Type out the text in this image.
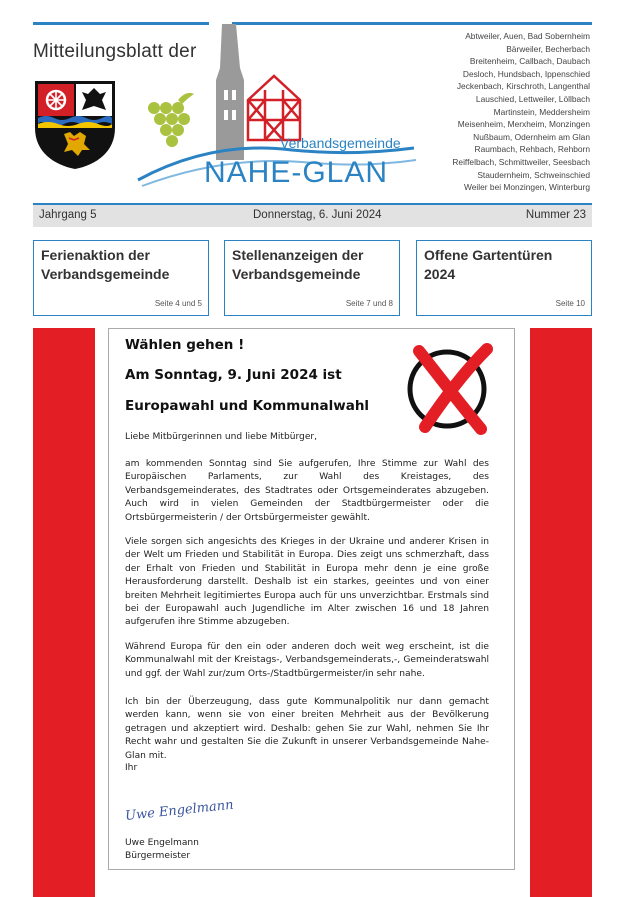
Mitteilungsblatt der
Verbandsgemeinde
NAHE-GLAN
Abtweiler, Auen, Bad Sobernheim
Bärweiler, Becherbach
Breitenheim, Callbach, Daubach
Desloch, Hundsbach, Ippenschied
Jeckenbach, Kirschroth, Langenthal
Lauschied, Lettweiler, Löllbach
Martinstein, Meddersheim
Meisenheim, Merxheim, Monzingen
Nußbaum, Odernheim am Glan
Raumbach, Rehbach, Rehborn
Reiffelbach, Schmittweiler, Seesbach
Staudernheim, Schweinschied
Weiler bei Monzingen, Winterburg
Jahrgang 5	Donnerstag, 6. Juni 2024	Nummer 23
Ferienaktion der Verbandsgemeinde
Seite 4 und 5
Stellenanzeigen der Verbandsgemeinde
Seite 7 und 8
Offene Gartentüren 2024
Seite 10
Wählen gehen !
Am Sonntag, 9. Juni 2024 ist
Europawahl und Kommunalwahl
Liebe Mitbürgerinnen und liebe Mitbürger,
am kommenden Sonntag sind Sie aufgerufen, Ihre Stimme zur Wahl des Europäischen Parlaments, zur Wahl des Kreistages, des Verbandsgemeinderates, des Stadtrates oder Ortsgemeinderates abzugeben. Auch wird in vielen Gemeinden der Stadtbürgermeister oder die Ortsbürgermeisterin / der Ortsbürgermeister gewählt.
Viele sorgen sich angesichts des Krieges in der Ukraine und anderer Krisen in der Welt um Frieden und Stabilität in Europa. Dies zeigt uns schmerzhaft, dass der Erhalt von Frieden und Stabilität in Europa mehr denn je eine große Herausforderung darstellt. Deshalb ist ein starkes, geeintes und von einer breiten Mehrheit legitimiertes Europa auch für uns unverzichtbar. Erstmals sind bei der Europawahl auch Jugendliche im Alter zwischen 16 und 18 Jahren aufgerufen ihre Stimme abzugeben.
Während Europa für den ein oder anderen doch weit weg erscheint, ist die Kommunalwahl mit der Kreistags-, Verbandsgemeinderats,-, Gemeinderatswahl und ggf. der Wahl zur/zum Orts-/Stadtbürgermeister/in sehr nahe.
Ich bin der Überzeugung, dass gute Kommunalpolitik nur dann gemacht werden kann, wenn sie von einer breiten Mehrheit aus der Bevölkerung getragen und akzeptiert wird. Deshalb: gehen Sie zur Wahl, nehmen Sie Ihr Recht wahr und gestalten Sie die Zukunft in unserer Verbandsgemeinde Nahe-Glan mit.
Ihr
Uwe Engelmann
Uwe Engelmann
Bürgermeister
